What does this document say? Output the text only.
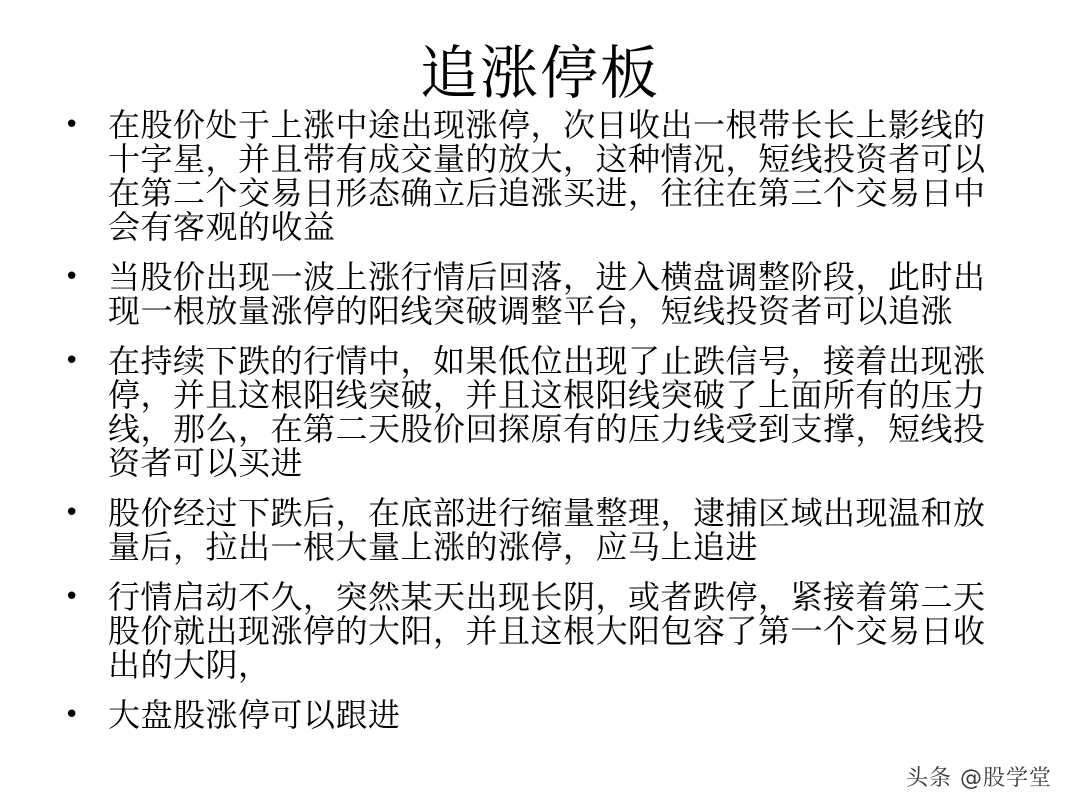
追涨停板
• 在股价处于上涨中途出现涨停，次日收出一根带长长上影线的十字星，并且带有成交量的放大，这种情况，短线投资者可以在第二个交易日形态确立后追涨买进，往往在第三个交易日中会有客观的收益
• 当股价出现一波上涨行情后回落，进入横盘调整阶段，此时出现一根放量涨停的阳线突破调整平台，短线投资者可以追涨
• 在持续下跌的行情中，如果低位出现了止跌信号，接着出现涨停，并且这根阳线突破，并且这根阳线突破了上面所有的压力线，那么，在第二天股价回探原有的压力线受到支撑，短线投资者可以买进
• 股价经过下跌后，在底部进行缩量整理，逮捕区域出现温和放量后，拉出一根大量上涨的涨停，应马上追进
• 行情启动不久，突然某天出现长阴，或者跌停，紧接着第二天股价就出现涨停的大阳，并且这根大阳包容了第一个交易日收出的大阴，
• 大盘股涨停可以跟进
头条 @股学堂
